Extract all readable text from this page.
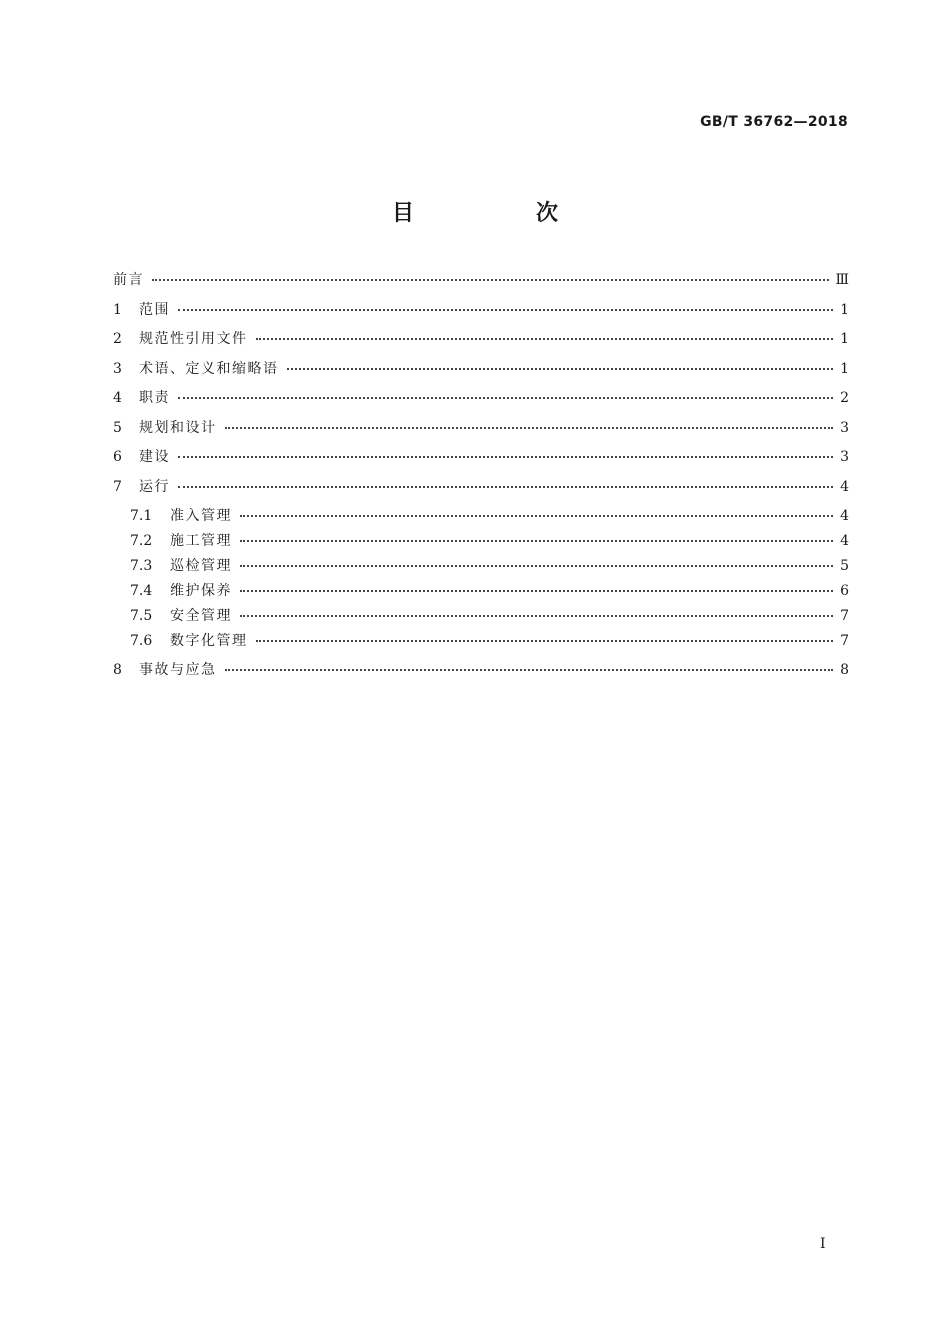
GB/T 36762—2018
目　次
前言	Ⅲ
1	范围	1
2	规范性引用文件	1
3	术语、定义和缩略语	1
4	职责	2
5	规划和设计	3
6	建设	3
7	运行	4
7.1	准入管理	4
7.2	施工管理	4
7.3	巡检管理	5
7.4	维护保养	6
7.5	安全管理	7
7.6	数字化管理	7
8	事故与应急	8
Ⅰ
